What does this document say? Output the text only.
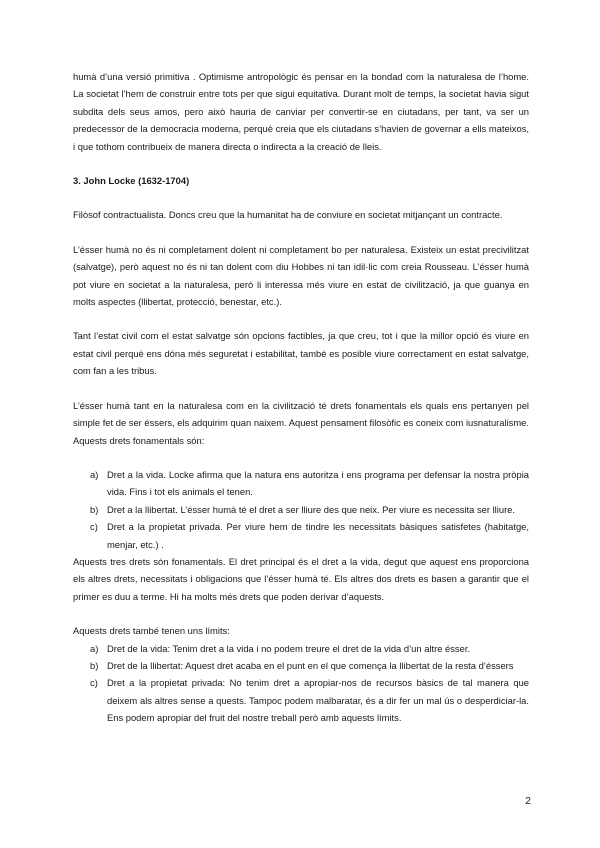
humà d’una versió primitiva . Optimisme antropològic és pensar en la bondad com la naturalesa de l’home. La societat l’hem de construir entre tots per que sigui equitativa. Durant molt de temps, la societat havia sigut subdita dels seus amos, pero això hauria de canviar per convertir-se en ciutadans, per tant, va ser un predecessor de la democracia moderna, perquè creia que els ciutadans s’havien de governar a ells mateixos, i que tothom contribueix de manera directa o indirecta a la creació de lleis.

3. John Locke (1632-1704)

Filòsof contractualista. Doncs creu que la humanitat ha de conviure en societat mitjançant un contracte.

L’ésser humà no és ni completament dolent ni completament bo per naturalesa. Existeix un estat precivilitzat (salvatge), però aquest no és ni tan dolent com diu Hobbes ni tan idil·lic com creia Rousseau. L’ésser humà pot viure en societat a la naturalesa, però li interessa més viure en estat de civilització, ja que guanya en molts aspectes (llibertat, protecció, benestar, etc.).

Tant l’estat civil com el estat salvatge són opcions factibles, ja que creu, tot i que la millor opció és viure en estat civil perquè ens dóna més seguretat i estabilitat, també es posible viure correctament en estat salvatge, com fan a les tribus.

L’ésser humà tant en la naturalesa com en la civilització té drets fonamentals els quals ens pertanyen pel simple fet de ser éssers, els adquirim quan naixem. Aquest pensament filosòfic es coneix com iusnaturalisme. Aquests drets fonamentals són:

a) Dret a la vida. Locke afirma que la natura ens autoritza i ens programa per defensar la nostra pròpia vida. Fins i tot els animals el tenen.
b) Dret a la llibertat. L’ésser humà té el dret a ser lliure des que neix. Per viure es necessita ser lliure.
c) Dret a la propietat privada. Per viure hem de tindre les necessitats bàsiques satisfetes (habitatge, menjar, etc.) .

Aquests tres drets són fonamentals. El dret principal és el dret a la vida, degut que aquest ens proporciona els altres drets, necessitats i obligacions que l’ésser humà té. Els altres dos drets es basen a garantir que el primer es duu a terme. Hi ha molts més drets que poden derivar d’aquests.

Aquests drets també tenen uns límits:

a) Dret de la vida: Tenim dret a la vida i no podem treure el dret de la vida d’un altre ésser.
b) Dret de la llibertat: Aquest dret acaba en el punt en el que comença la llibertat de la resta d’éssers
c) Dret a la propietat privada: No tenim dret a apropiar-nos de recursos bàsics de tal manera que deixem als altres sense a quests. Tampoc podem malbaratar, és a dir fer un mal ús o desperdiciar-la. Ens podem apropiar del fruit del nostre treball però amb aquests límits.
2
